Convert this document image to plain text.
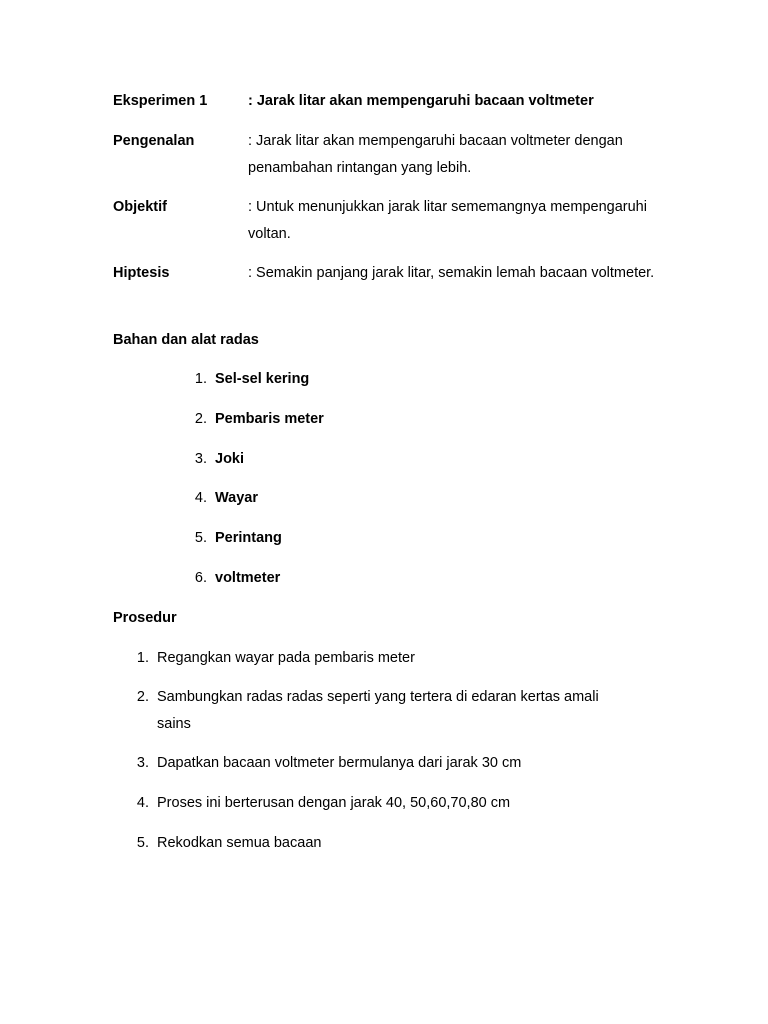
Eksperimen 1	: Jarak litar akan mempengaruhi bacaan voltmeter
Pengenalan	: Jarak litar akan mempengaruhi bacaan voltmeter dengan penambahan rintangan yang lebih.
Objektif	: Untuk menunjukkan jarak litar sememangnya mempengaruhi voltan.
Hiptesis	: Semakin panjang jarak litar, semakin lemah bacaan voltmeter.
Bahan dan alat radas
1. Sel-sel kering
2. Pembaris meter
3. Joki
4. Wayar
5. Perintang
6. voltmeter
Prosedur
1. Regangkan wayar pada pembaris meter
2. Sambungkan radas radas seperti yang tertera di edaran kertas amali sains
3. Dapatkan bacaan voltmeter bermulanya dari jarak 30 cm
4. Proses ini berterusan dengan jarak 40, 50,60,70,80 cm
5. Rekodkan semua bacaan
